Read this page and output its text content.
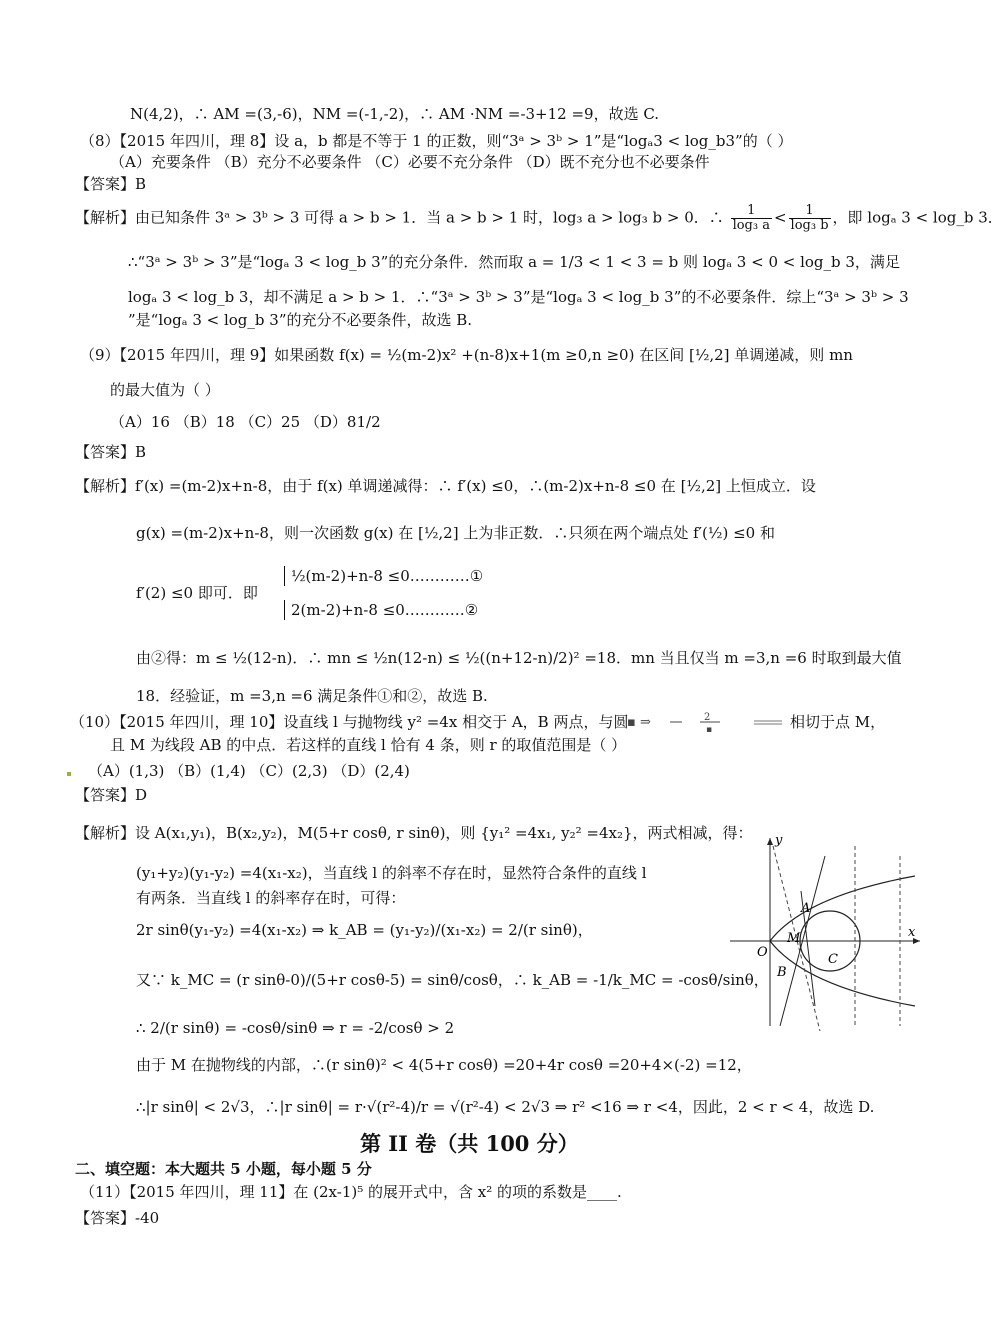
N(4,2)，∴ AM =(3,-6)，NM =(-1,-2)，∴ AM ·NM =-3+12 =9，故选 C.
（8）【2015 年四川，理 8】设 a，b 都是不等于 1 的正数，则“3ᵃ > 3ᵇ > 1”是“logₐ3 < log_b3”的（ ）
（A）充要条件 （B）充分不必要条件 （C）必要不充分条件 （D）既不充分也不必要条件
【答案】B
【解析】由已知条件 3ᵃ > 3ᵇ > 3 可得 a > b > 1．当 a > b > 1 时，log₃ a > log₃ b > 0．∴ $\frac{1}{\text{log₃ a}} < \frac{1}{\text{log₃ b}}$ ，即 logₐ 3 < log_b 3．
∴“3ᵃ > 3ᵇ > 3”是“logₐ 3 < log_b 3”的充分条件．然而取 a = 1/3 < 1 < 3 = b 则 logₐ 3 < 0 < log_b 3，满足
logₐ 3 < log_b 3，却不满足 a > b > 1．∴“3ᵃ > 3ᵇ > 3”是“logₐ 3 < log_b 3”的不必要条件．综上“3ᵃ > 3ᵇ > 3
”是“logₐ 3 < log_b 3”的充分不必要条件，故选 B.
（9）【2015 年四川，理 9】如果函数 f(x) = ½(m-2)x² +(n-8)x+1(m ≥0,n ≥0) 在区间 [½,2] 单调递减，则 mn
的最大值为（ ）
（A）16 （B）18 （C）25 （D）81/2
【答案】B
【解析】f′(x) =(m-2)x+n-8，由于 f(x) 单调递减得：∴ f′(x) ≤0，∴(m-2)x+n-8 ≤0 在 [½,2] 上恒成立．设
g(x) =(m-2)x+n-8，则一次函数 g(x) 在 [½,2] 上为非正数．∴只须在两个端点处 f′(½) ≤0 和
f′(2) ≤0 即可．即
½(m-2)+n-8 ≤0…………①
2(m-2)+n-8 ≤0…………②
由②得：m ≤ ½(12-n)．∴ mn ≤ ½n(12-n) ≤ ½((n+12-n)/2)² =18．mn 当且仅当 m =3,n =6 时取到最大值
18．经验证，m =3,n =6 满足条件①和②，故选 B.
（10）【2015 年四川，理 10】设直线 l 与抛物线 y² =4x 相交于 A，B 两点，与圆
▪ ⇒	2
▪	相切于点 M，
且 M 为线段 AB 的中点．若这样的直线 l 恰有 4 条，则 r 的取值范围是（ ）
（A）(1,3) （B）(1,4) （C）(2,3) （D）(2,4)
【答案】D
【解析】设 A(x₁,y₁)，B(x₂,y₂)，M(5+r cosθ, r sinθ)，则 {y₁² =4x₁, y₂² =4x₂}，两式相减，得：
(y₁+y₂)(y₁-y₂) =4(x₁-x₂)，当直线 l 的斜率不存在时，显然符合条件的直线 l
有两条．当直线 l 的斜率存在时，可得：
2r sinθ(y₁-y₂) =4(x₁-x₂) ⇒ k_AB = (y₁-y₂)/(x₁-x₂) = 2/(r sinθ)，
又∵ k_MC = (r sinθ-0)/(5+r cosθ-5) = sinθ/cosθ，∴ k_AB = -1/k_MC = -cosθ/sinθ，
∴ 2/(r sinθ) = -cosθ/sinθ ⇒ r = -2/cosθ > 2
由于 M 在抛物线的内部，∴(r sinθ)² < 4(5+r cosθ) =20+4r cosθ =20+4×(-2) =12，
∴|r sinθ| < 2√3，∴|r sinθ| = r·√(r²-4)/r = √(r²-4) < 2√3 ⇒ r² <16 ⇒ r <4，因此，2 < r < 4，故选 D.
x
y
O
A
M
B
C
第 II 卷（共 100 分）
二、填空题：本大题共 5 小题，每小题 5 分
（11）【2015 年四川，理 11】在 (2x-1)⁵ 的展开式中，含 x² 的项的系数是____.
【答案】-40
